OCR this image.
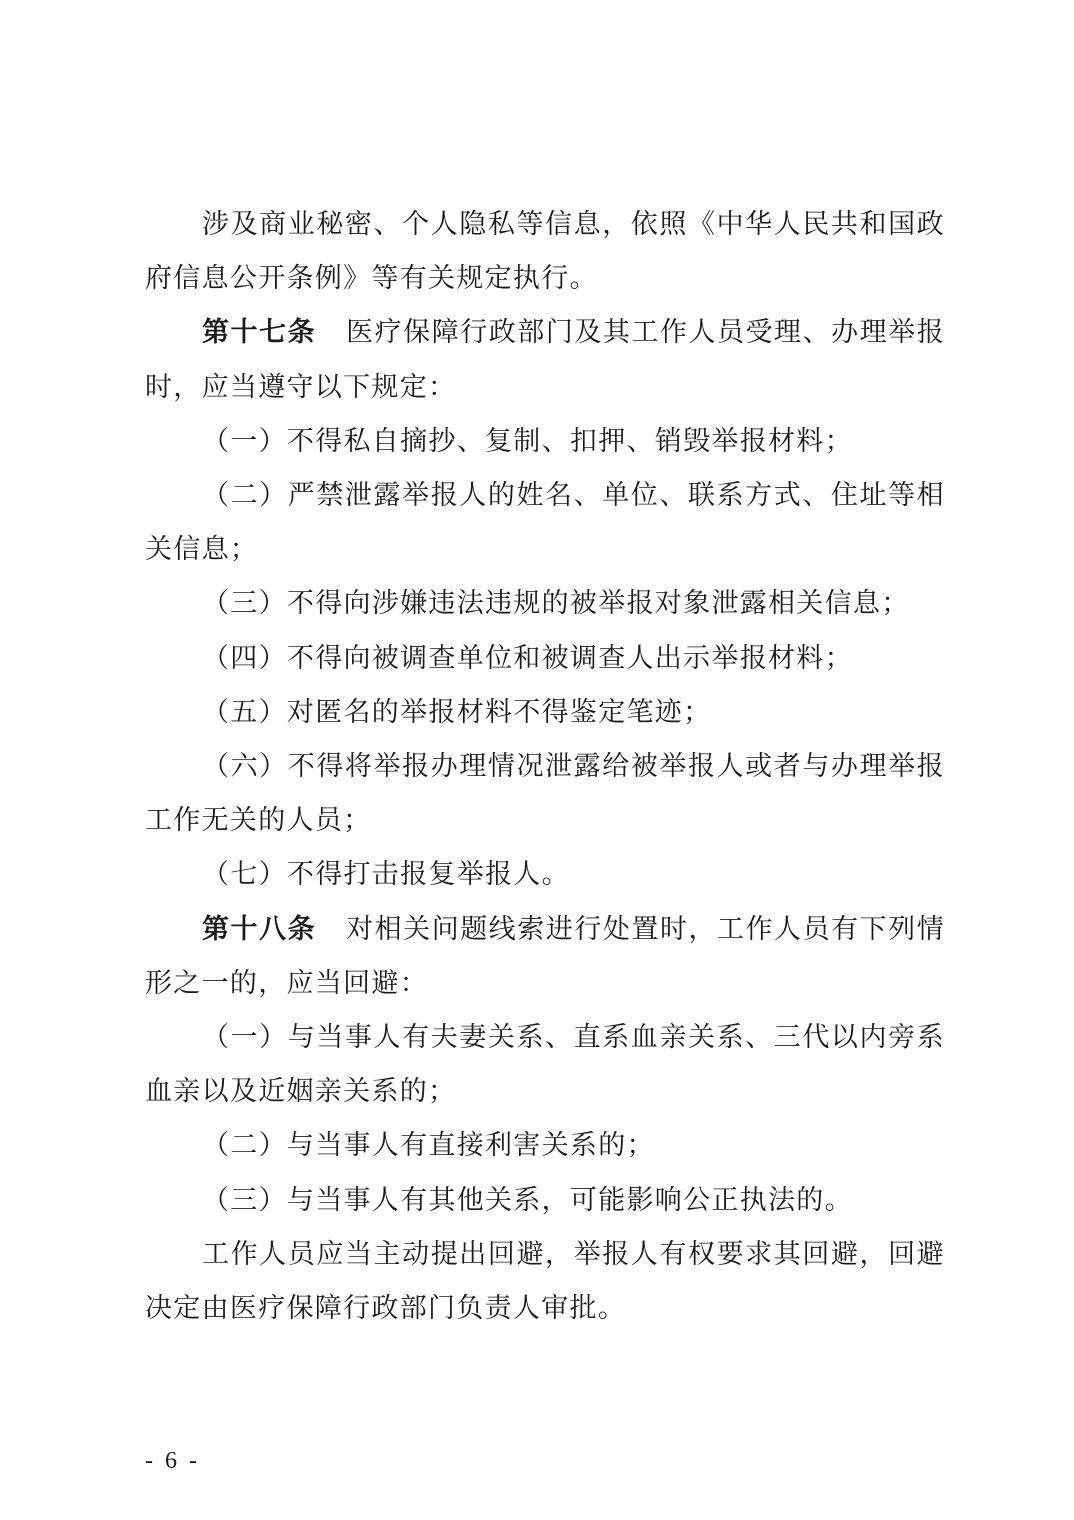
涉及商业秘密、个人隐私等信息，依照《中华人民共和国政府信息公开条例》等有关规定执行。

第十七条 医疗保障行政部门及其工作人员受理、办理举报时，应当遵守以下规定：

（一）不得私自摘抄、复制、扣押、销毁举报材料；

（二）严禁泄露举报人的姓名、单位、联系方式、住址等相关信息；

（三）不得向涉嫌违法违规的被举报对象泄露相关信息；

（四）不得向被调查单位和被调查人出示举报材料；

（五）对匿名的举报材料不得鉴定笔迹；

（六）不得将举报办理情况泄露给被举报人或者与办理举报工作无关的人员；

（七）不得打击报复举报人。

第十八条 对相关问题线索进行处置时，工作人员有下列情形之一的，应当回避：

（一）与当事人有夫妻关系、直系血亲关系、三代以内旁系血亲以及近姻亲关系的；

（二）与当事人有直接利害关系的；

（三）与当事人有其他关系，可能影响公正执法的。

工作人员应当主动提出回避，举报人有权要求其回避，回避决定由医疗保障行政部门负责人审批。

- 6 -
